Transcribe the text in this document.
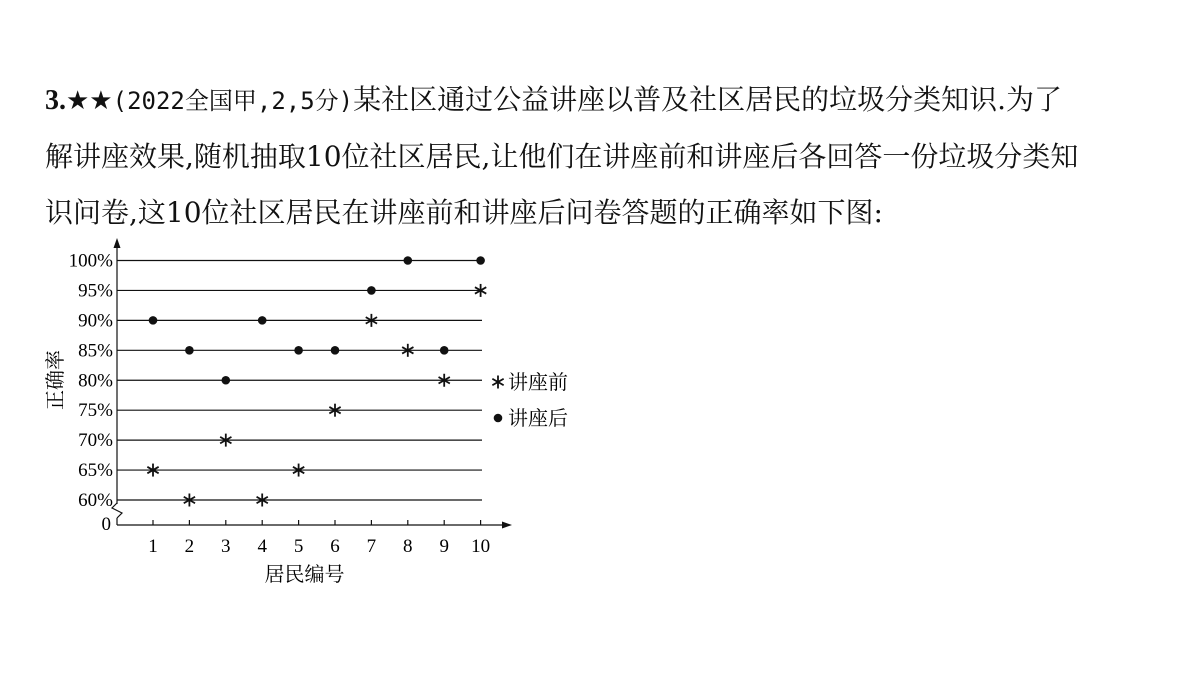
3.★★(2022全国甲,2,5分)某社区通过公益讲座以普及社区居民的垃圾分类知识.为了
解讲座效果,随机抽取10位社区居民,让他们在讲座前和讲座后各回答一份垃圾分类知
识问卷,这10位社区居民在讲座前和讲座后问卷答题的正确率如下图:
0
100%
95%
90%
85%
80%
75%
70%
65%
60%
1 2 3 4 5 6 7 8 9 10
居民编号
正确率	讲座前
讲座后
